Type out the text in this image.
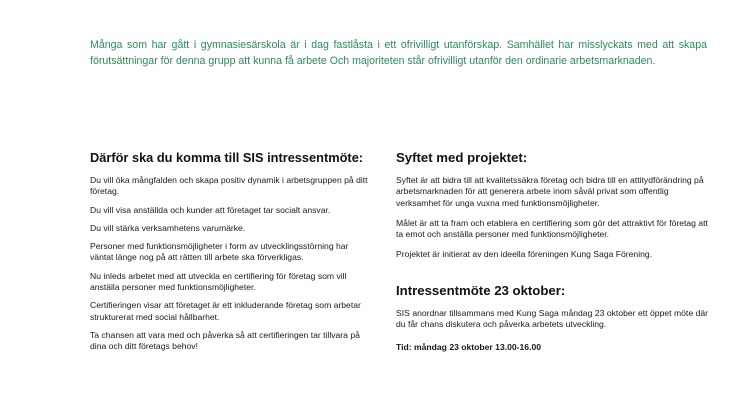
Många som har gått i gymnasiesärskola är i dag fastlåsta i ett ofrivilligt utanförskap. Samhället har misslyckats med att skapa förutsättningar för denna grupp att kunna få arbete Och majoriteten står ofrivilligt utanför den ordinarie arbetsmarknaden.

Därför ska du komma till SIS intressentmöte:

Du vill öka mångfalden och skapa positiv dynamik i arbetsgruppen på ditt företag.

Du vill visa anställda och kunder att företaget tar socialt ansvar.

Du vill stärka verksamhetens varumärke.

Personer med funktionsmöjligheter i form av utvecklingsstörning har väntat länge nog på att rätten till arbete ska förverkligas.

Nu inleds arbetet med att utveckla en certifiering för företag som vill anställa personer med funktionsmöjligheter.

Certifieringen visar att företaget är ett inkluderande företag som arbetar strukturerat med social hållbarhet.

Ta chansen att vara med och påverka så att certifieringen tar tillvara på dina och ditt företags behov!

Syftet med projektet:

Syftet är att bidra till att kvalitetssäkra företag och bidra till en attitydförändring på arbetsmarknaden för att generera arbete inom såväl privat som offentlig verksamhet för unga vuxna med funktionsmöjligheter.

Målet är att ta fram och etablera en certifiering som gör det attraktivt för företag att ta emot och anställa personer med funktionsmöjligheter.

Projektet är initierat av den ideella föreningen Kung Saga Förening.

Intressentmöte 23 oktober:

SIS anordnar tillsammans med Kung Saga måndag 23 oktober ett öppet möte där du får chans diskutera och påverka arbetets utveckling.

Tid: måndag 23 oktober 13.00-16.00
